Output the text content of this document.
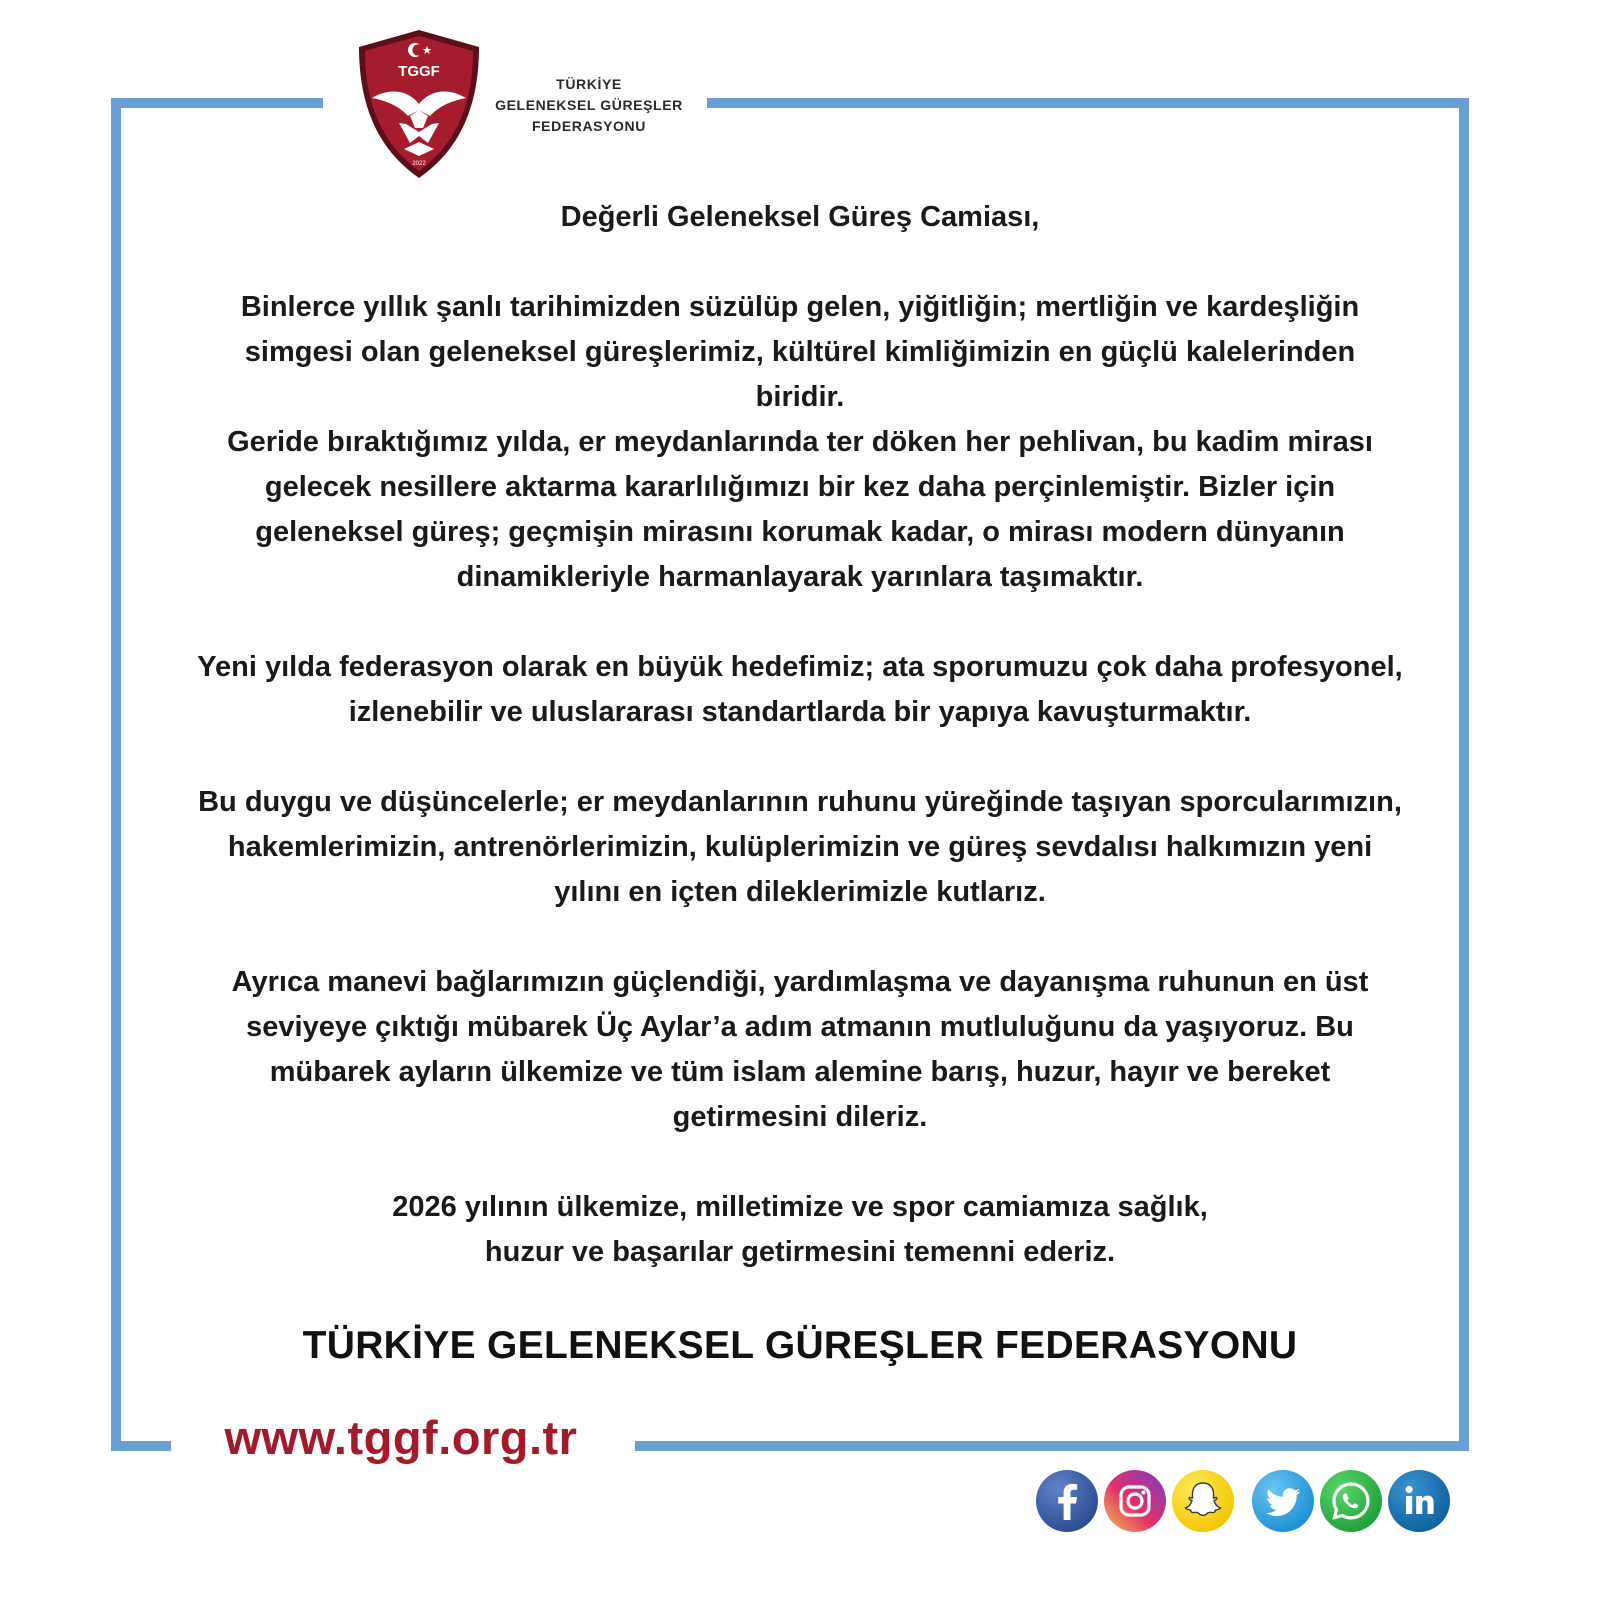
TGGF
2022
TÜRKİYE
GELENEKSEL GÜREŞLER
FEDERASYONU

Değerli Geleneksel Güreş Camiası,

Binlerce yıllık şanlı tarihimizden süzülüp gelen, yiğitliğin; mertliğin ve kardeşliğin

simgesi olan geleneksel güreşlerimiz, kültürel kimliğimizin en güçlü kalelerinden

biridir.

Geride bıraktığımız yılda, er meydanlarında ter döken her pehlivan, bu kadim mirası

gelecek nesillere aktarma kararlılığımızı bir kez daha perçinlemiştir. Bizler için

geleneksel güreş; geçmişin mirasını korumak kadar, o mirası modern dünyanın

dinamikleriyle harmanlayarak yarınlara taşımaktır.

Yeni yılda federasyon olarak en büyük hedefimiz; ata sporumuzu çok daha profesyonel,

izlenebilir ve uluslararası standartlarda bir yapıya kavuşturmaktır.

Bu duygu ve düşüncelerle; er meydanlarının ruhunu yüreğinde taşıyan sporcularımızın,

hakemlerimizin, antrenörlerimizin, kulüplerimizin ve güreş sevdalısı halkımızın yeni

yılını en içten dileklerimizle kutlarız.

Ayrıca manevi bağlarımızın güçlendiği, yardımlaşma ve dayanışma ruhunun en üst

seviyeye çıktığı mübarek Üç Aylar’a adım atmanın mutluluğunu da yaşıyoruz. Bu

mübarek ayların ülkemize ve tüm islam alemine barış, huzur, hayır ve bereket

getirmesini dileriz.

2026 yılının ülkemize, milletimize ve spor camiamıza sağlık,

huzur ve başarılar getirmesini temenni ederiz.

TÜRKİYE GELENEKSEL GÜREŞLER FEDERASYONU
www.tggf.org.tr
